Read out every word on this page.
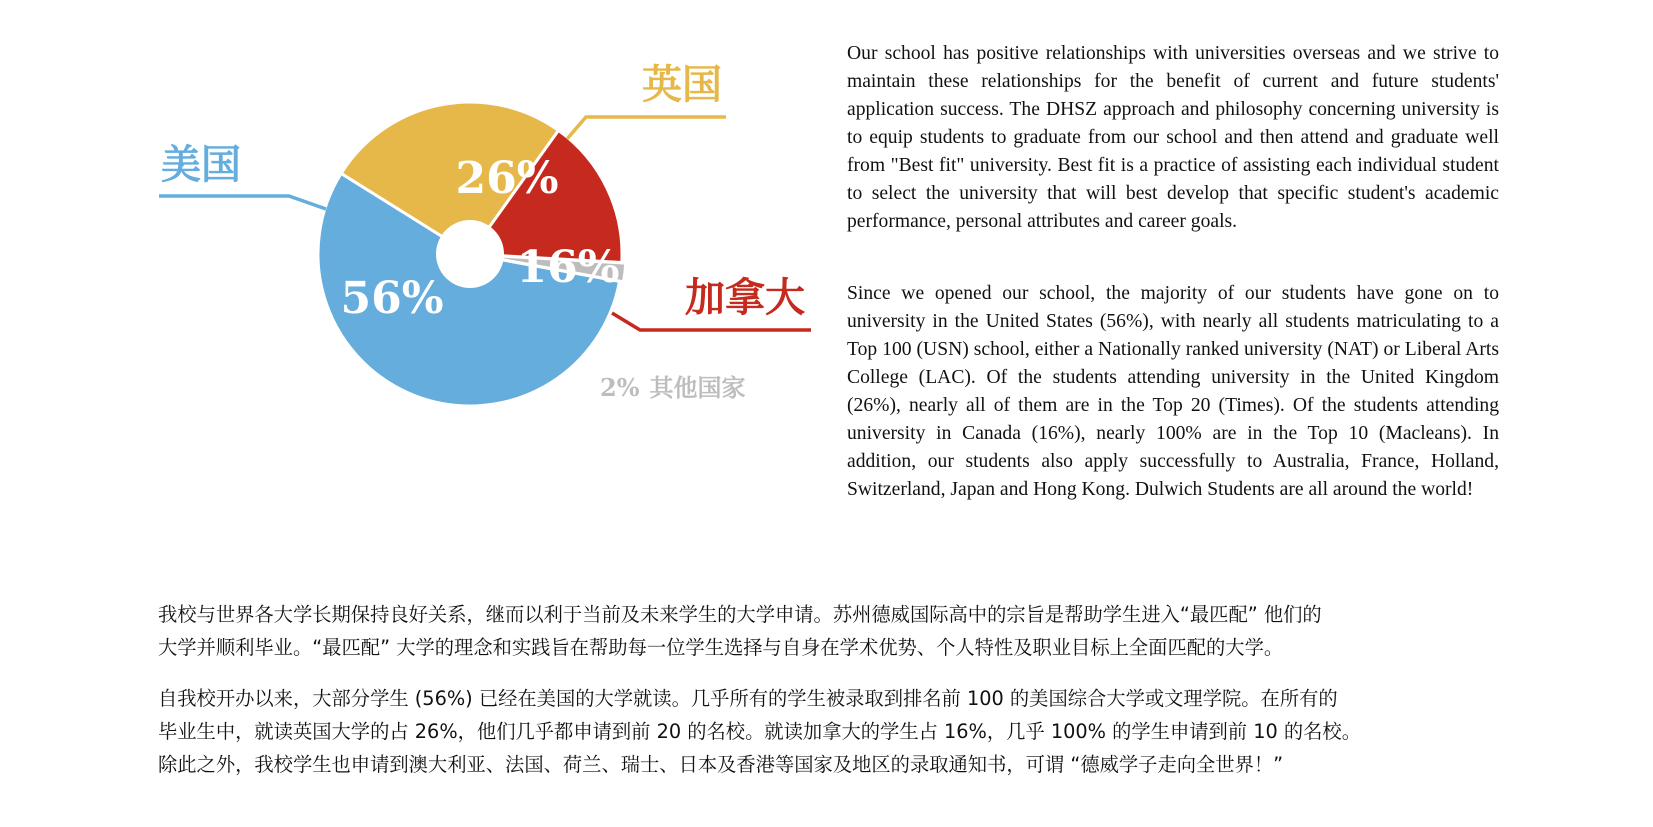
26%
16%
56%
英国
加拿大
美国
2% 其他国家

Our school has positive relationships with universities overseas and we strive to maintain these relationships for the benefit of current and future students' application success. The DHSZ approach and philosophy concerning university is to equip students to graduate from our school and then attend and graduate well from "Best fit" university. Best fit is a practice of assisting each individual student to select the university that will best develop that specific student's academic performance, personal attributes and career goals.

Since we opened our school, the majority of our students have gone on to university in the United States (56%), with nearly all students matriculating to a Top 100 (USN) school, either a Nationally ranked university (NAT) or Liberal Arts College (LAC). Of the students attending university in the United Kingdom (26%), nearly all of them are in the Top 20 (Times). Of the students attending university in Canada (16%), nearly 100% are in the Top 10 (Macleans). In addition, our students also apply successfully to Australia, France, Holland, Switzerland, Japan and Hong Kong. Dulwich Students are all around the world!

我校与世界各大学长期保持良好关系，继而以利于当前及未来学生的大学申请。苏州德威国际高中的宗旨是帮助学生进入“最匹配” 他们的
大学并顺利毕业。“最匹配” 大学的理念和实践旨在帮助每一位学生选择与自身在学术优势、个人特性及职业目标上全面匹配的大学。

自我校开办以来，大部分学生 (56%) 已经在美国的大学就读。几乎所有的学生被录取到排名前 100 的美国综合大学或文理学院。在所有的
毕业生中，就读英国大学的占 26%，他们几乎都申请到前 20 的名校。就读加拿大的学生占 16%，几乎 100% 的学生申请到前 10 的名校。
除此之外，我校学生也申请到澳大利亚、法国、荷兰、瑞士、日本及香港等国家及地区的录取通知书，可谓 “德威学子走向全世界！”
